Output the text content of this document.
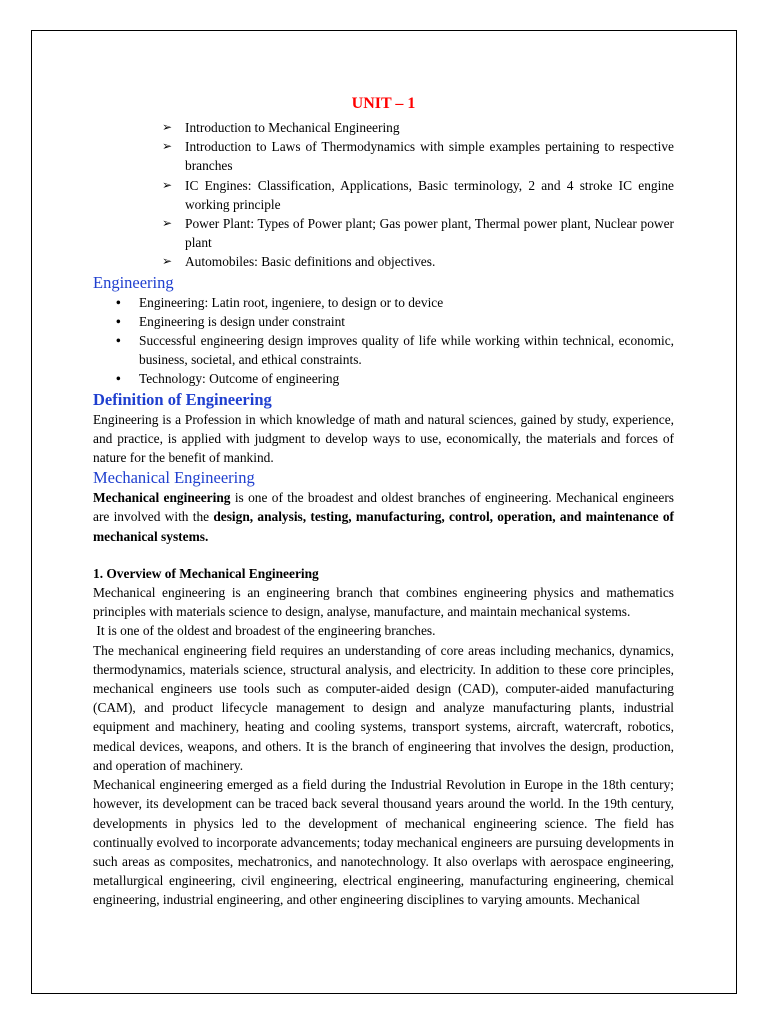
UNIT – 1
➢ Introduction to Mechanical Engineering
➢ Introduction to Laws of Thermodynamics with simple examples pertaining to respective branches
➢ IC Engines: Classification, Applications, Basic terminology, 2 and 4 stroke IC engine working principle
➢ Power Plant: Types of Power plant; Gas power plant, Thermal power plant, Nuclear power plant
➢ Automobiles: Basic definitions and objectives.
Engineering
• Engineering: Latin root, ingeniere, to design or to device
• Engineering is design under constraint
• Successful engineering design improves quality of life while working within technical, economic, business, societal, and ethical constraints.
• Technology: Outcome of engineering
Definition of Engineering

Engineering is a Profession in which knowledge of math and natural sciences, gained by study, experience, and practice, is applied with judgment to develop ways to use, economically, the materials and forces of nature for the benefit of mankind.

Mechanical Engineering

Mechanical engineering is one of the broadest and oldest branches of engineering. Mechanical engineers are involved with the design, analysis, testing, manufacturing, control, operation, and maintenance of mechanical systems.

1. Overview of Mechanical Engineering

Mechanical engineering is an engineering branch that combines engineering physics and mathematics principles with materials science to design, analyse, manufacture, and maintain mechanical systems.

It is one of the oldest and broadest of the engineering branches.

The mechanical engineering field requires an understanding of core areas including mechanics, dynamics, thermodynamics, materials science, structural analysis, and electricity. In addition to these core principles, mechanical engineers use tools such as computer-aided design (CAD), computer-aided manufacturing (CAM), and product lifecycle management to design and analyze manufacturing plants, industrial equipment and machinery, heating and cooling systems, transport systems, aircraft, watercraft, robotics, medical devices, weapons, and others. It is the branch of engineering that involves the design, production, and operation of machinery.

Mechanical engineering emerged as a field during the Industrial Revolution in Europe in the 18th century; however, its development can be traced back several thousand years around the world. In the 19th century, developments in physics led to the development of mechanical engineering science. The field has continually evolved to incorporate advancements; today mechanical engineers are pursuing developments in such areas as composites, mechatronics, and nanotechnology. It also overlaps with aerospace engineering, metallurgical engineering, civil engineering, electrical engineering, manufacturing engineering, chemical engineering, industrial engineering, and other engineering disciplines to varying amounts. Mechanical
